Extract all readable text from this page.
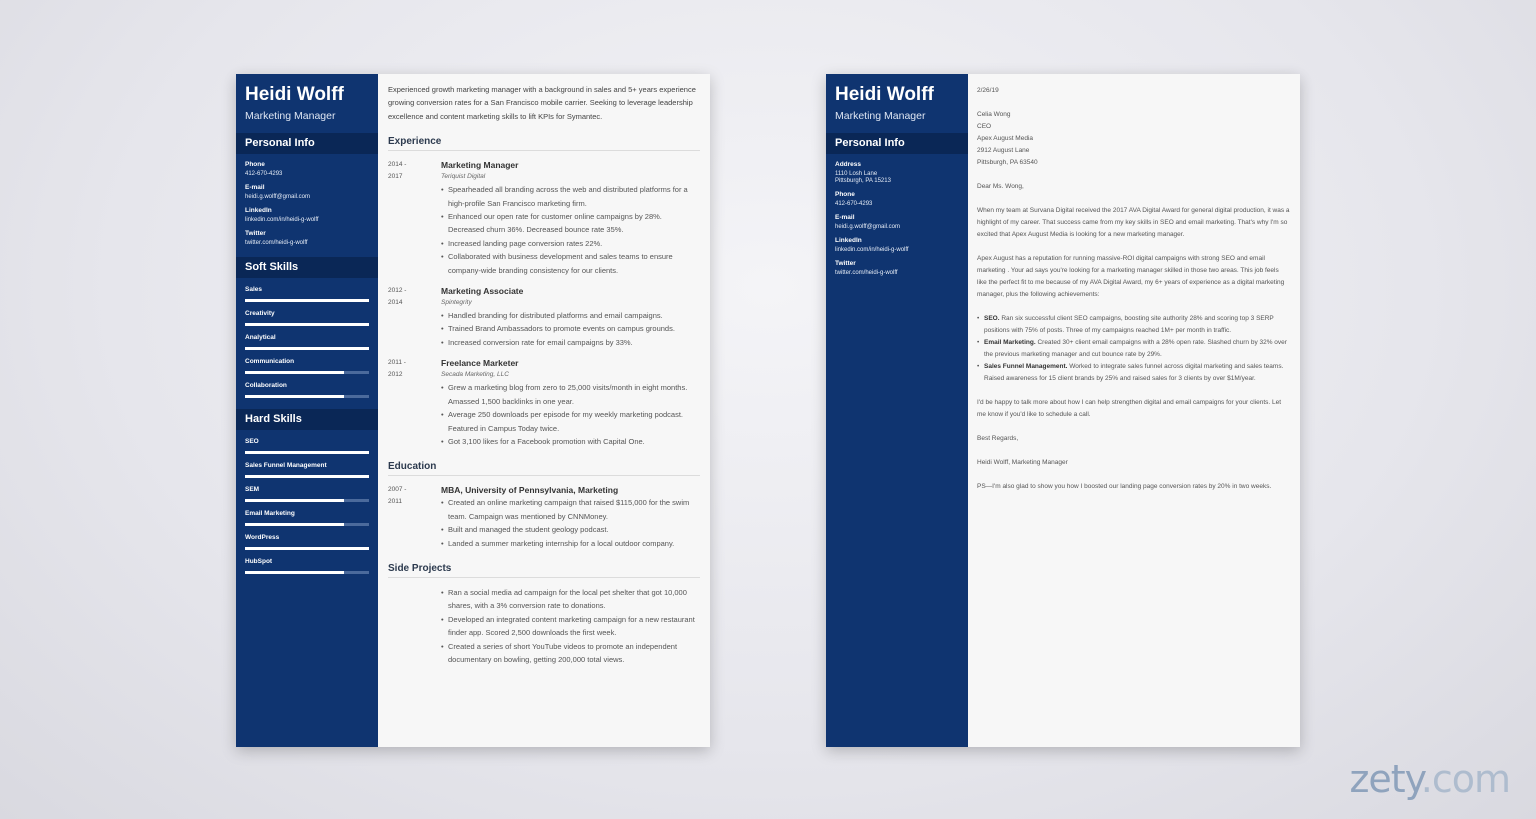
Heidi Wolff
Marketing Manager
Personal Info
Phone
412-670-4293
E-mail
heidi.g.wolff@gmail.com
LinkedIn
linkedin.com/in/heidi-g-wolff
Twitter
twitter.com/heidi-g-wolff
Soft Skills
Sales
Creativity
Analytical
Communication
Collaboration
Hard Skills
SEO
Sales Funnel Management
SEM
Email Marketing
WordPress
HubSpot
Experienced growth marketing manager with a background in sales and 5+ years experience growing conversion rates for a San Francisco mobile carrier. Seeking to leverage leadership excellence and content marketing skills to lift KPIs for Symantec.
Experience
2014 -
2017
Marketing Manager
Teriquist Digital
• Spearheaded all branding across the web and distributed platforms for a high-profile San Francisco marketing firm.
• Enhanced our open rate for customer online campaigns by 28%. Decreased churn 36%. Decreased bounce rate 35%.
• Increased landing page conversion rates 22%.
• Collaborated with business development and sales teams to ensure company-wide branding consistency for our clients.
2012 -
2014
Marketing Associate
Spintegrity
• Handled branding for distributed platforms and email campaigns.
• Trained Brand Ambassadors to promote events on campus grounds.
• Increased conversion rate for email campaigns by 33%.
2011 -
2012
Freelance Marketer
Secada Marketing, LLC
• Grew a marketing blog from zero to 25,000 visits/month in eight months. Amassed 1,500 backlinks in one year.
• Average 250 downloads per episode for my weekly marketing podcast. Featured in Campus Today twice.
• Got 3,100 likes for a Facebook promotion with Capital One.
Education
2007 -
2011
MBA, University of Pennsylvania, Marketing
• Created an online marketing campaign that raised $115,000 for the swim team. Campaign was mentioned by CNNMoney.
• Built and managed the student geology podcast.
• Landed a summer marketing internship for a local outdoor company.
Side Projects
• Ran a social media ad campaign for the local pet shelter that got 10,000 shares, with a 3% conversion rate to donations.
• Developed an integrated content marketing campaign for a new restaurant finder app. Scored 2,500 downloads the first week.
• Created a series of short YouTube videos to promote an independent documentary on bowling, getting 200,000 total views.
Heidi Wolff
Marketing Manager
Personal Info
Address
1110 Losh Lane
Pittsburgh, PA 15213
Phone
412-670-4293
E-mail
heidi.g.wolff@gmail.com
LinkedIn
linkedin.com/in/heidi-g-wolff
Twitter
twitter.com/heidi-g-wolff
2/26/19
Celia Wong
CEO
Apex August Media
2912 August Lane
Pittsburgh, PA 63540
Dear Ms. Wong,
When my team at Survana Digital received the 2017 AVA Digital Award for general digital production, it was a highlight of my career. That success came from my key skills in SEO and email marketing. That's why I'm so excited that Apex August Media is looking for a new marketing manager.
Apex August has a reputation for running massive-ROI digital campaigns with strong SEO and email marketing . Your ad says you're looking for a marketing manager skilled in those two areas. This job feels like the perfect fit to me because of my AVA Digital Award, my 6+ years of experience as a digital marketing manager, plus the following achievements:
• SEO. Ran six successful client SEO campaigns, boosting site authority 28% and scoring top 3 SERP positions with 75% of posts. Three of my campaigns reached 1M+ per month in traffic.
• Email Marketing. Created 30+ client email campaigns with a 28% open rate. Slashed churn by 32% over the previous marketing manager and cut bounce rate by 29%.
• Sales Funnel Management. Worked to integrate sales funnel across digital marketing and sales teams. Raised awareness for 15 client brands by 25% and raised sales for 3 clients by over $1M/year.
I'd be happy to talk more about how I can help strengthen digital and email campaigns for your clients. Let me know if you'd like to schedule a call.
Best Regards,
Heidi Wolff, Marketing Manager
PS—I'm also glad to show you how I boosted our landing page conversion rates by 20% in two weeks.
zety.com
